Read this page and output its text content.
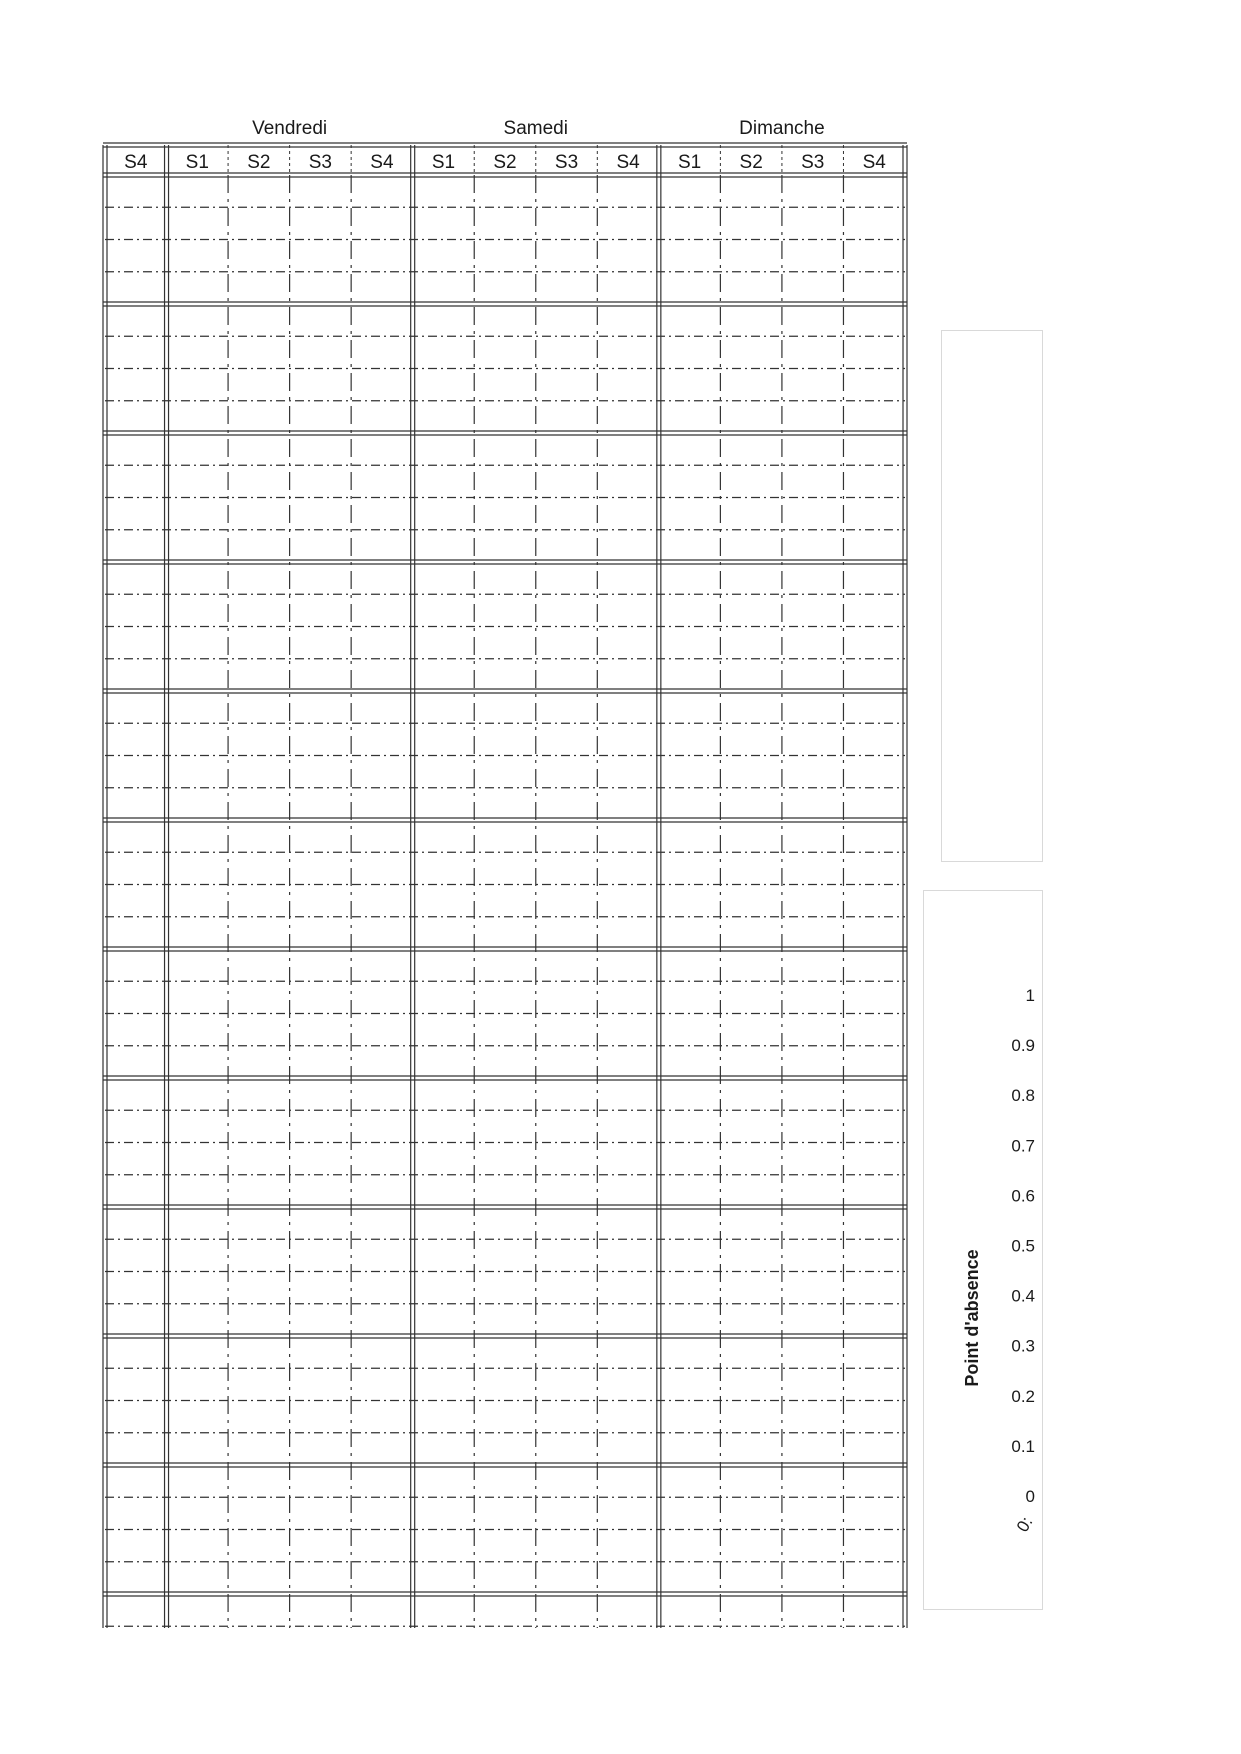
Vendredi	Samedi	Dimanche
S4 S1 S2 S3 S4 S1 S2 S3 S4 S1 S2 S3 S4
1
0.9
0.8
0.7
0.6
0.5
0.4
0.3
0.2
0.1
0
Point d'absence
0:
